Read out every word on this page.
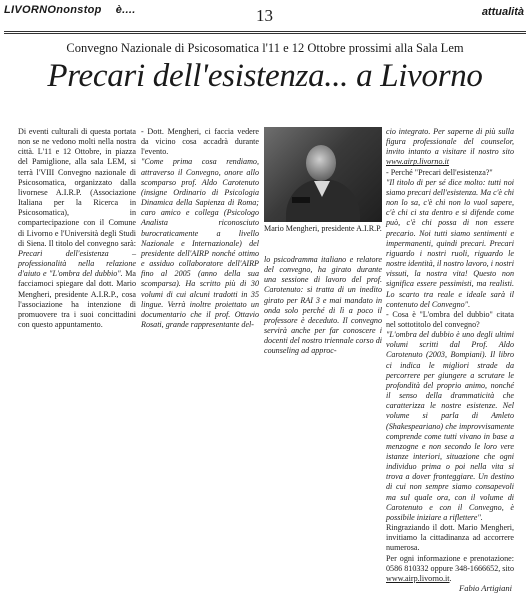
LIVORNOnonstop è....	13	attualità
Convegno Nazionale di Psicosomatica l'11 e 12 Ottobre prossimi alla Sala Lem
Precari dell'esistenza... a Livorno

Di eventi culturali di questa portata non se ne vedono molti nella nostra città. L'11 e 12 Ottobre, in piazza del Pamiglione, alla sala LEM, si terrà l'VIII Convegno nazionale di Psicosomatica, organizzato dalla livornese A.I.R.P. (Associazione Italiana per la Ricerca in Psicosomatica), in compartecipazione con il Comune di Livorno e l'Università degli Studi di Siena. Il titolo del convegno sarà: Precari dell'esistenza – professionalità nella relazione d'aiuto e "L'ombra del dubbio". Ma facciamoci spiegare dal dott. Mario Mengheri, presidente A.I.R.P., cosa l'associazione ha intenzione di promuovere tra i suoi concittadini con questo appuntamento.

- Dott. Mengheri, ci faccia vedere da vicino cosa accadrà durante l'evento.

"Come prima cosa rendiamo, attraverso il Convegno, onore allo scomparso prof. Aldo Carotenuto (insigne Ordinario di Psicologia Dinamica della Sapienza di Roma; caro amico e collega (Psicologo Analista riconosciuto burocraticamente a livello Nazionale e Internazionale) del presidente dell'AIRP nonché ottimo e assiduo collaboratore dell'AIRP fino al 2005 (anno della sua scomparsa). Ha scritto più di 30 volumi di cui alcuni tradotti in 35 lingue. Verrà inoltre proiettato un documentario che il prof. Ottavio Rosati, grande rappresentante del-

Mario Mengheri, presidente A.I.R.P.
lo psicodramma italiano e relatore del convegno, ha girato durante una sessione di lavoro del prof. Carotenuto: si tratta di un inedito girato per RAI 3 e mai mandato in onda solo perché di lì a poco il professore è deceduto. Il convegno servirà anche per far conoscere i docenti del nostro triennale corso di counseling ad approc-

cio integrato. Per saperne di più sulla figura professionale del counselor, invito intanto a visitare il nostro sito www.airp.livorno.it

- Perché "Precari dell'esistenza?"

"Il titolo di per sé dice molto: tutti noi siamo precari dell'esistenza. Ma c'è chi non lo sa, c'è chi non lo vuol sapere, c'è chi ci sta dentro e si difende come può, c'è chi possa di non essere precario. Noi tutti siamo sentimenti e impermanenti, quindi precari. Precari riguardo i nostri ruoli, riguardo le nostre identità, il nostro lavoro, i nostri vissuti, la nostra vita! Questo non significa essere pessimisti, ma realisti. Lo scarto tra reale e ideale sarà il contenuto del Convegno".

- Cosa è "L'ombra del dubbio" citata nel sottotitolo del convegno?

"L'ombra del dubbio è uno degli ultimi volumi scritti dal Prof. Aldo Carotenuto (2003, Bompiani). Il libro ci indica le migliori strade da percorrere per giungere a scrutare le profondità del proprio animo, nonché il senso della drammaticità che caratterizza le nostre esistenze. Nel volume si parla di Amleto (Shakespeariano) che improvvisamente comprende come tutti vivano in base a menzogne e non secondo le loro vere istanze interiori, situazione che ogni individuo prima o poi nella vita si trova a dover fronteggiare. Un destino di cui non sempre siamo consapevoli ma sul quale ora, con il volume di Carotenuto e con il Convegno, è possibile iniziare a riflettere".

Ringraziando il dott. Mario Mengheri, invitiamo la cittadinanza ad accorrere numerosa.

Per ogni informazione e prenotazione: 0586 810332 oppure 348-1666652, sito www.airp.livorno.it.

Fabio Artigiani
